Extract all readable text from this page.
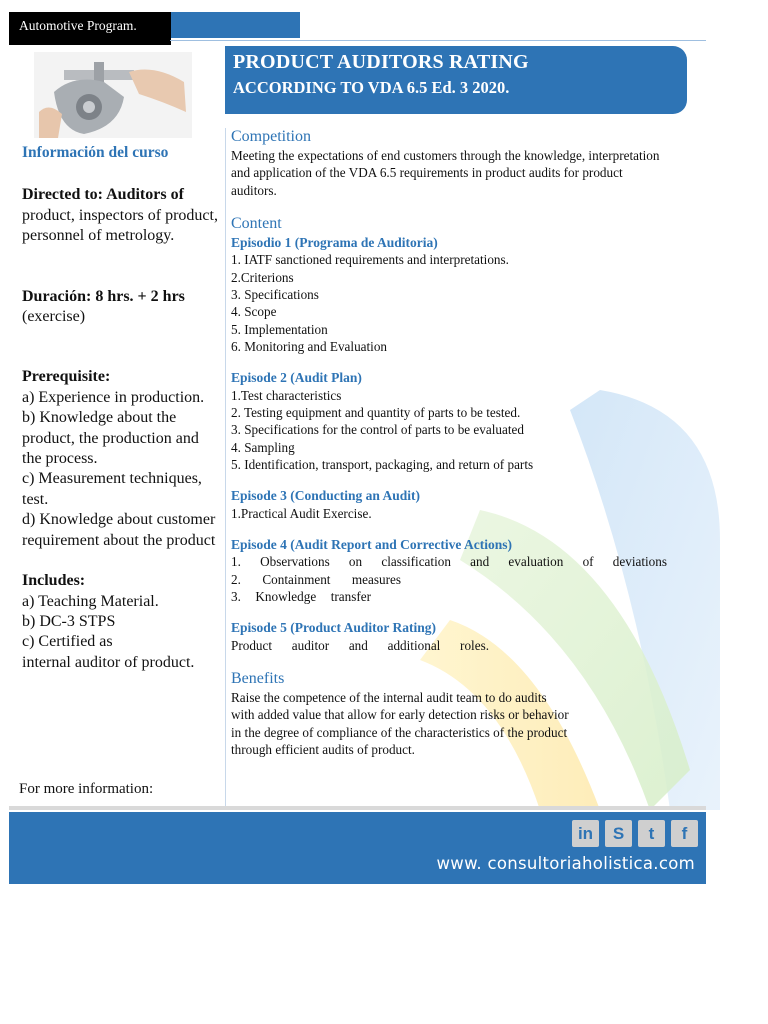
Automotive Program.
PRODUCT AUDITORS RATING
ACCORDING TO VDA 6.5 Ed. 3 2020.
Información del curso
Directed to: Auditors of
product, inspectors of product, personnel of metrology.
Duración: 8 hrs. + 2 hrs
(exercise)
Prerequisite:
a) Experience in production.
b) Knowledge about the product, the production and the process.
c) Measurement techniques, test.
d) Knowledge about customer requirement about the product
Includes:
a) Teaching Material.
b) DC-3 STPS
c) Certified as
internal auditor of product.
For more information:
Competition
Meeting the expectations of end customers through the knowledge, interpretation and application of the VDA 6.5 requirements in product audits for product auditors.
Content
Episodio 1 (Programa de Auditoria)
1. IATF sanctioned requirements and interpretations.
2.Criterions
3. Specifications
4. Scope
5. Implementation
6. Monitoring and Evaluation
Episode 2 (Audit Plan)
1.Test characteristics
2. Testing equipment and quantity of parts to be tested.
3. Specifications for the control of parts to be evaluated
4. Sampling
5. Identification, transport, packaging, and return of parts
Episode 3 (Conducting an Audit)
1.Practical Audit Exercise.
Episode 4 (Audit Report and Corrective Actions)
1. Observations on classification and evaluation of deviations
2. Containment measures
3. Knowledge transfer
Episode 5 (Product Auditor Rating)
Product auditor and additional roles.
Benefits
Raise the competence of the internal audit team to do audits with added value that allow for early detection risks or behavior in the degree of compliance of the characteristics of the product through efficient audits of product.
in	S	t	f
www. consultoriaholistica.com
